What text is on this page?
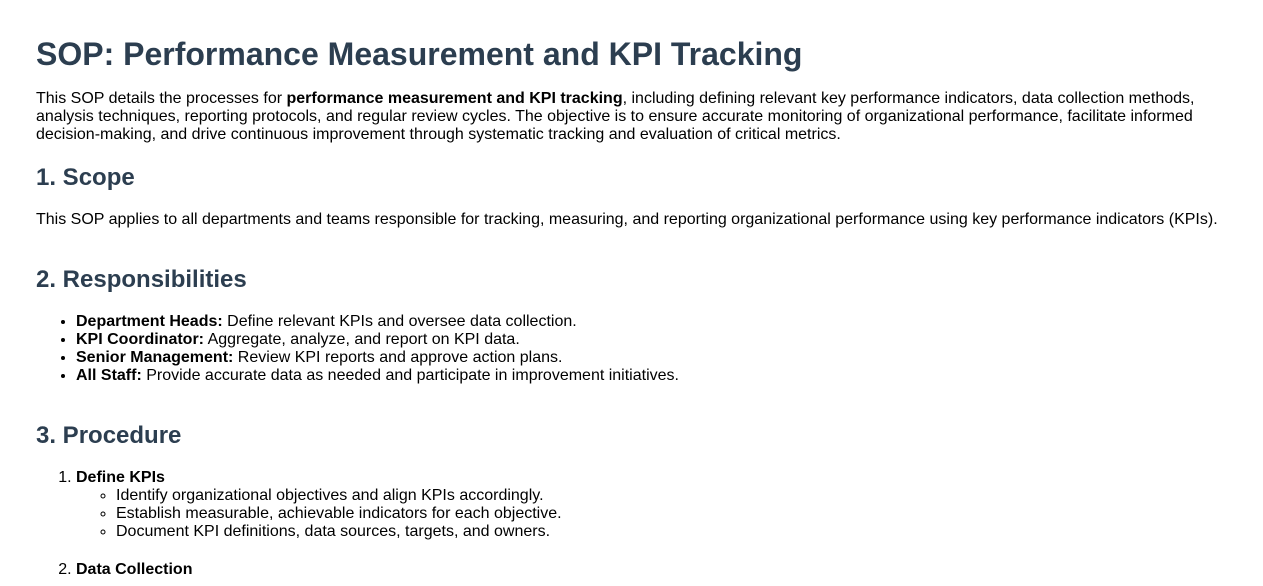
SOP: Performance Measurement and KPI Tracking

This SOP details the processes for performance measurement and KPI tracking, including defining relevant key performance indicators, data collection methods, analysis techniques, reporting protocols, and regular review cycles. The objective is to ensure accurate monitoring of organizational performance, facilitate informed decision-making, and drive continuous improvement through systematic tracking and evaluation of critical metrics.

1. Scope

This SOP applies to all departments and teams responsible for tracking, measuring, and reporting organizational performance using key performance indicators (KPIs).

2. Responsibilities
• Department Heads: Define relevant KPIs and oversee data collection.
• KPI Coordinator: Aggregate, analyze, and report on KPI data.
• Senior Management: Review KPI reports and approve action plans.
• All Staff: Provide accurate data as needed and participate in improvement initiatives.
3. Procedure
1. Define KPIs
◦ Identify organizational objectives and align KPIs accordingly.
◦ Establish measurable, achievable indicators for each objective.
◦ Document KPI definitions, data sources, targets, and owners.
2. Data Collection
